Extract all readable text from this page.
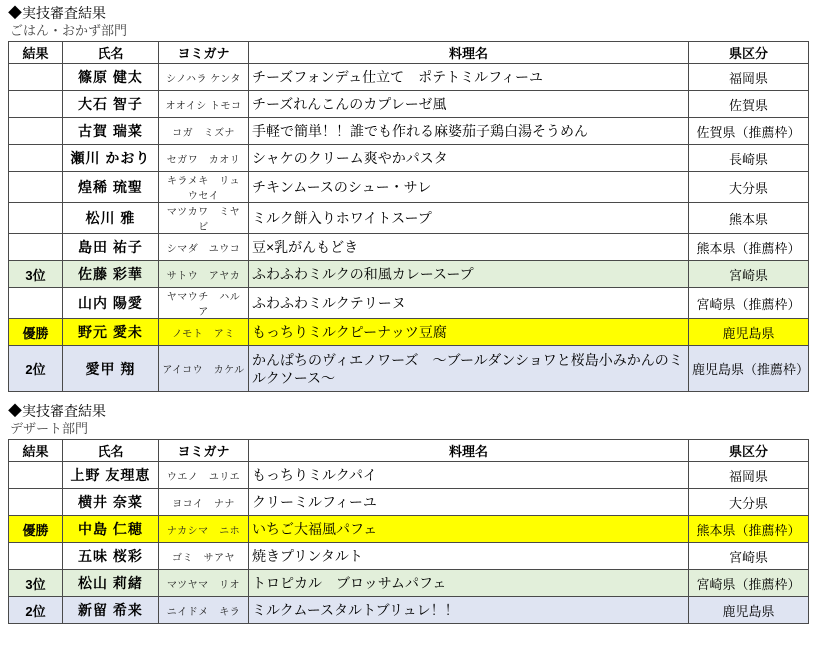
◆実技審査結果
ごはん・おかず部門
結果	氏名	ヨミガナ	料理名	県区分
	篠原 健太	シノハラ ケンタ	チーズフォンデュ仕立て　ポテトミルフィーユ	福岡県
	大石 智子	オオイシ トモコ	チーズれんこんのカプレーゼ風	佐賀県
	古賀 瑞菜	コガ　ミズナ	手軽で簡単！！誰でも作れる麻婆茄子鶏白湯そうめん	佐賀県（推薦枠）
	瀬川 かおり	セガワ　カオリ	シャケのクリーム爽やかパスタ	長崎県
	煌稀 琉聖	キラメキ　リュウセイ	チキンムースのシュー・サレ	大分県
	松川 雅	マツカワ　ミヤビ	ミルク餅入りホワイトスープ	熊本県
	島田 祐子	シマダ　ユウコ	豆×乳がんもどき	熊本県（推薦枠）
3位	佐藤 彩華	サトウ　アヤカ	ふわふわミルクの和風カレースープ	宮崎県
	山内 陽愛	ヤマウチ　ハルア	ふわふわミルクテリーヌ	宮崎県（推薦枠）
優勝	野元 愛未	ノモト　アミ	もっちりミルクピーナッツ豆腐	鹿児島県
2位	愛甲 翔	アイコウ　カケル	かんぱちのヴィエノワーズ　～ブールダンショワと桜島小みかんのミルクソース～	鹿児島県（推薦枠）
◆実技審査結果
デザート部門
結果	氏名	ヨミガナ	料理名	県区分
	上野 友理恵	ウエノ　ユリエ	もっちりミルクパイ	福岡県
	横井 奈菜	ヨコイ　ナナ	クリーミルフィーユ	大分県
優勝	中島 仁穂	ナカシマ　ニホ	いちご大福風パフェ	熊本県（推薦枠）
	五味 桜彩	ゴミ　サアヤ	焼きプリンタルト	宮崎県
3位	松山 莉緒	マツヤマ　リオ	トロピカル　ブロッサムパフェ	宮崎県（推薦枠）
2位	新留 希来	ニイドメ　キラ	ミルクムースタルトブリュレ！！	鹿児島県
